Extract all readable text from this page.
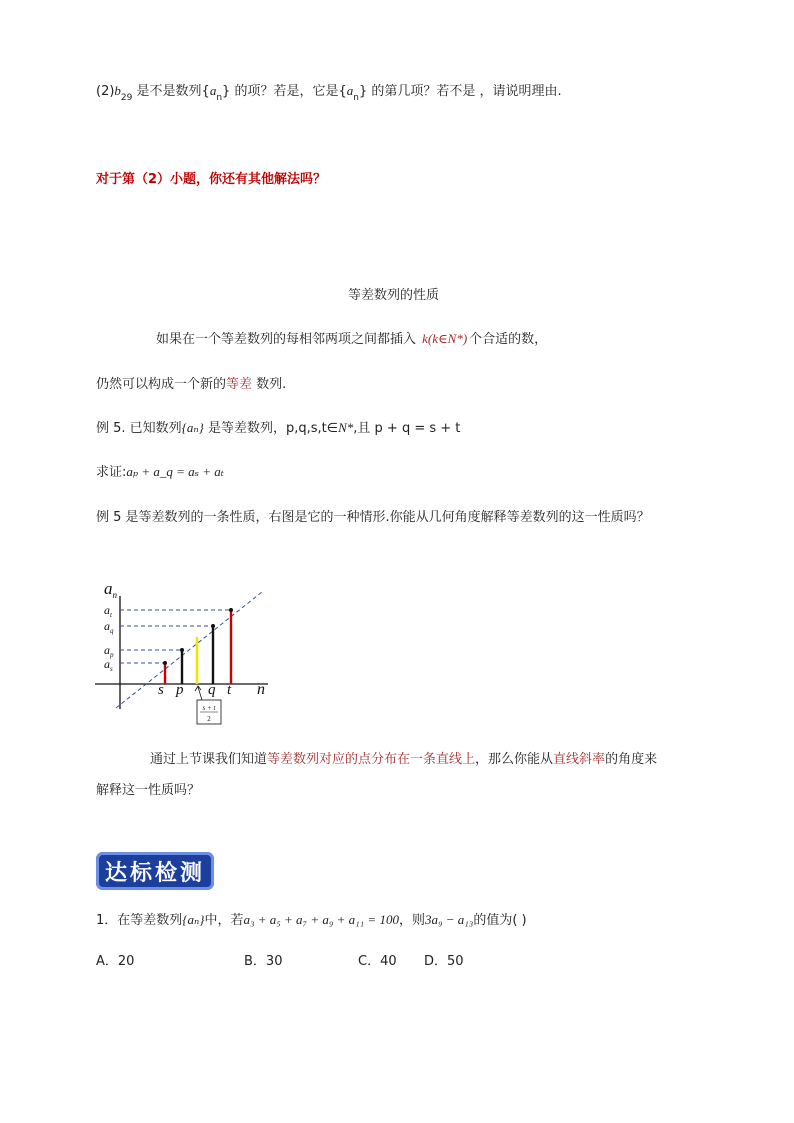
$(2)b_{29}$ 是不是数列$\{a_n\}$ 的项？若是，它是$\{a_n\}$ 的第几项？若不是 ，请说明理由.
对于第（2）小题，你还有其他解法吗？
等差数列的性质
如果在一个等差数列的每相邻两项之间都插入 k(k∈N*) 个合适的数，
仍然可以构成一个新的等差 数列.
例 5. 已知数列{aₙ} 是等差数列，p,q,s,t∈N*,且 p + q = s + t
求证:aₚ + a_q = aₛ + aₜ
例 5 是等差数列的一条性质，右图是它的一种情形.你能从几何角度解释等差数列的这一性质吗？
$a_n$
n
$a_t$
$a_q$
$a_p$
$a_s$
s p q t
s + t
2
通过上节课我们知道等差数列对应的点分布在一条直线上，那么你能从直线斜率的角度来
解释这一性质吗？
达标检测
1．在等差数列{aₙ}中，若a₃ + a₅ + a₇ + a₉ + a₁₁ = 100，则3a₉ − a₁₃的值为( )
A．20	B．30	C．40 D．50
